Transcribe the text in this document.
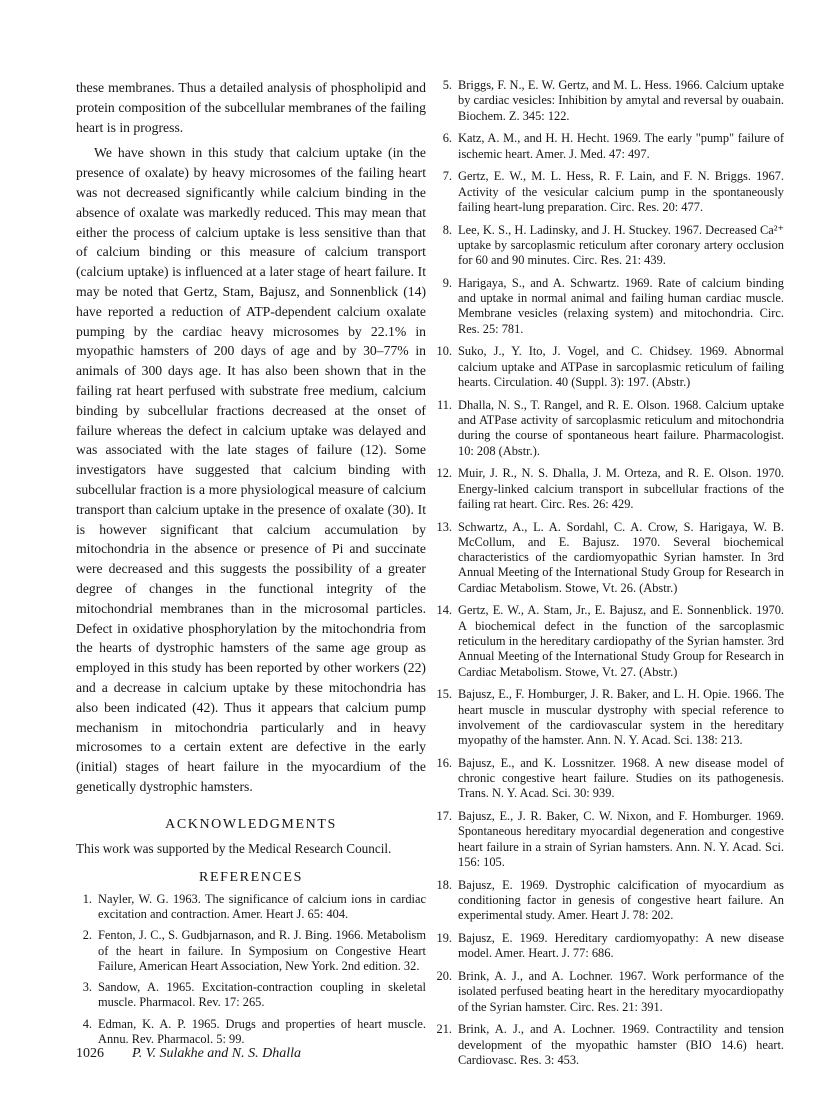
these membranes. Thus a detailed analysis of phospholipid and protein composition of the subcellular membranes of the failing heart is in progress.

We have shown in this study that calcium uptake (in the presence of oxalate) by heavy microsomes of the failing heart was not decreased significantly while calcium binding in the absence of oxalate was markedly reduced. This may mean that either the process of calcium uptake is less sensitive than that of calcium binding or this measure of calcium transport (calcium uptake) is influenced at a later stage of heart failure. It may be noted that Gertz, Stam, Bajusz, and Sonnenblick (14) have reported a reduction of ATP-dependent calcium oxalate pumping by the cardiac heavy microsomes by 22.1% in myopathic hamsters of 200 days of age and by 30–77% in animals of 300 days age. It has also been shown that in the failing rat heart perfused with substrate free medium, calcium binding by subcellular fractions decreased at the onset of failure whereas the defect in calcium uptake was delayed and was associated with the late stages of failure (12). Some investigators have suggested that calcium binding with subcellular fraction is a more physiological measure of calcium transport than calcium uptake in the presence of oxalate (30). It is however significant that calcium accumulation by mitochondria in the absence or presence of Pi and succinate were decreased and this suggests the possibility of a greater degree of changes in the functional integrity of the mitochondrial membranes than in the microsomal particles. Defect in oxidative phosphorylation by the mitochondria from the hearts of dystrophic hamsters of the same age group as employed in this study has been reported by other workers (22) and a decrease in calcium uptake by these mitochondria has also been indicated (42). Thus it appears that calcium pump mechanism in mitochondria particularly and in heavy microsomes to a certain extent are defective in the early (initial) stages of heart failure in the myocardium of the genetically dystrophic hamsters.

ACKNOWLEDGMENTS

This work was supported by the Medical Research Council.

REFERENCES
1. Nayler, W. G. 1963. The significance of calcium ions in cardiac excitation and contraction. Amer. Heart J. 65: 404.
2. Fenton, J. C., S. Gudbjarnason, and R. J. Bing. 1966. Metabolism of the heart in failure. In Symposium on Congestive Heart Failure, American Heart Association, New York. 2nd edition. 32.
3. Sandow, A. 1965. Excitation-contraction coupling in skeletal muscle. Pharmacol. Rev. 17: 265.
4. Edman, K. A. P. 1965. Drugs and properties of heart muscle. Annu. Rev. Pharmacol. 5: 99.
5. Briggs, F. N., E. W. Gertz, and M. L. Hess. 1966. Calcium uptake by cardiac vesicles: Inhibition by amytal and reversal by ouabain. Biochem. Z. 345: 122.
6. Katz, A. M., and H. H. Hecht. 1969. The early "pump" failure of ischemic heart. Amer. J. Med. 47: 497.
7. Gertz, E. W., M. L. Hess, R. F. Lain, and F. N. Briggs. 1967. Activity of the vesicular calcium pump in the spontaneously failing heart-lung preparation. Circ. Res. 20: 477.
8. Lee, K. S., H. Ladinsky, and J. H. Stuckey. 1967. Decreased Ca²⁺ uptake by sarcoplasmic reticulum after coronary artery occlusion for 60 and 90 minutes. Circ. Res. 21: 439.
9. Harigaya, S., and A. Schwartz. 1969. Rate of calcium binding and uptake in normal animal and failing human cardiac muscle. Membrane vesicles (relaxing system) and mitochondria. Circ. Res. 25: 781.
10. Suko, J., Y. Ito, J. Vogel, and C. Chidsey. 1969. Abnormal calcium uptake and ATPase in sarcoplasmic reticulum of failing hearts. Circulation. 40 (Suppl. 3): 197. (Abstr.)
11. Dhalla, N. S., T. Rangel, and R. E. Olson. 1968. Calcium uptake and ATPase activity of sarcoplasmic reticulum and mitochondria during the course of spontaneous heart failure. Pharmacologist. 10: 208 (Abstr.).
12. Muir, J. R., N. S. Dhalla, J. M. Orteza, and R. E. Olson. 1970. Energy-linked calcium transport in subcellular fractions of the failing rat heart. Circ. Res. 26: 429.
13. Schwartz, A., L. A. Sordahl, C. A. Crow, S. Harigaya, W. B. McCollum, and E. Bajusz. 1970. Several biochemical characteristics of the cardiomyopathic Syrian hamster. In 3rd Annual Meeting of the International Study Group for Research in Cardiac Metabolism. Stowe, Vt. 26. (Abstr.)
14. Gertz, E. W., A. Stam, Jr., E. Bajusz, and E. Sonnenblick. 1970. A biochemical defect in the function of the sarcoplasmic reticulum in the hereditary cardiopathy of the Syrian hamster. 3rd Annual Meeting of the International Study Group for Research in Cardiac Metabolism. Stowe, Vt. 27. (Abstr.)
15. Bajusz, E., F. Homburger, J. R. Baker, and L. H. Opie. 1966. The heart muscle in muscular dystrophy with special reference to involvement of the cardiovascular system in the hereditary myopathy of the hamster. Ann. N. Y. Acad. Sci. 138: 213.
16. Bajusz, E., and K. Lossnitzer. 1968. A new disease model of chronic congestive heart failure. Studies on its pathogenesis. Trans. N. Y. Acad. Sci. 30: 939.
17. Bajusz, E., J. R. Baker, C. W. Nixon, and F. Homburger. 1969. Spontaneous hereditary myocardial degeneration and congestive heart failure in a strain of Syrian hamsters. Ann. N. Y. Acad. Sci. 156: 105.
18. Bajusz, E. 1969. Dystrophic calcification of myocardium as conditioning factor in genesis of congestive heart failure. An experimental study. Amer. Heart J. 78: 202.
19. Bajusz, E. 1969. Hereditary cardiomyopathy: A new disease model. Amer. Heart. J. 77: 686.
20. Brink, A. J., and A. Lochner. 1967. Work performance of the isolated perfused beating heart in the hereditary myocardiopathy of the Syrian hamster. Circ. Res. 21: 391.
21. Brink, A. J., and A. Lochner. 1969. Contractility and tension development of the myopathic hamster (BIO 14.6) heart. Cardiovasc. Res. 3: 453.
1026 P. V. Sulakhe and N. S. Dhalla
